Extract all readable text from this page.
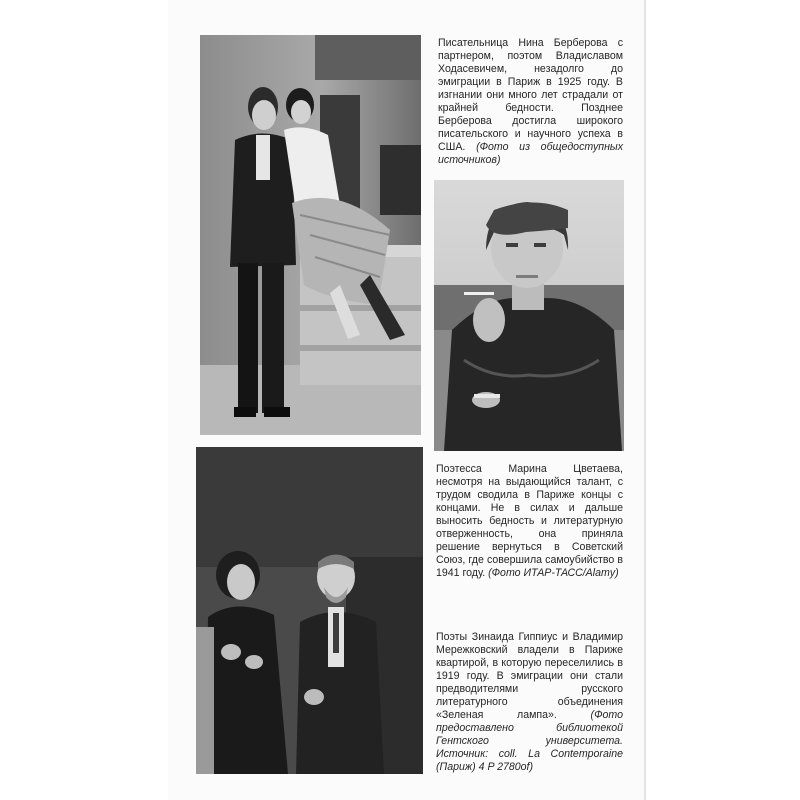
Писательница Нина Берберова с партнером, поэтом Владиславом Ходасевичем, незадолго до эмиграции в Париж в 1925 году. В изгнании они много лет страдали от крайней бедности. Позднее Берберова достигла широкого писательского и научного успеха в США. (Фото из общедоступных источников)
Поэтесса Марина Цветаева, несмотря на выдающийся талант, с трудом сводила в Париже концы с концами. Не в силах и дальше выносить бедность и литературную отверженность, она приняла решение вернуться в Советский Союз, где совершила самоубийство в 1941 году. (Фото ИТАР-ТАСС/Alamy)
Поэты Зинаида Гиппиус и Владимир Мережковский владели в Париже квартирой, в которую переселились в 1919 году. В эмиграции они стали предводителями русского литературного объединения «Зеленая лампа». (Фото предоставлено библиотекой Гентского университета. Источник: coll. La Contemporaine (Париж) 4 P 2780of)
